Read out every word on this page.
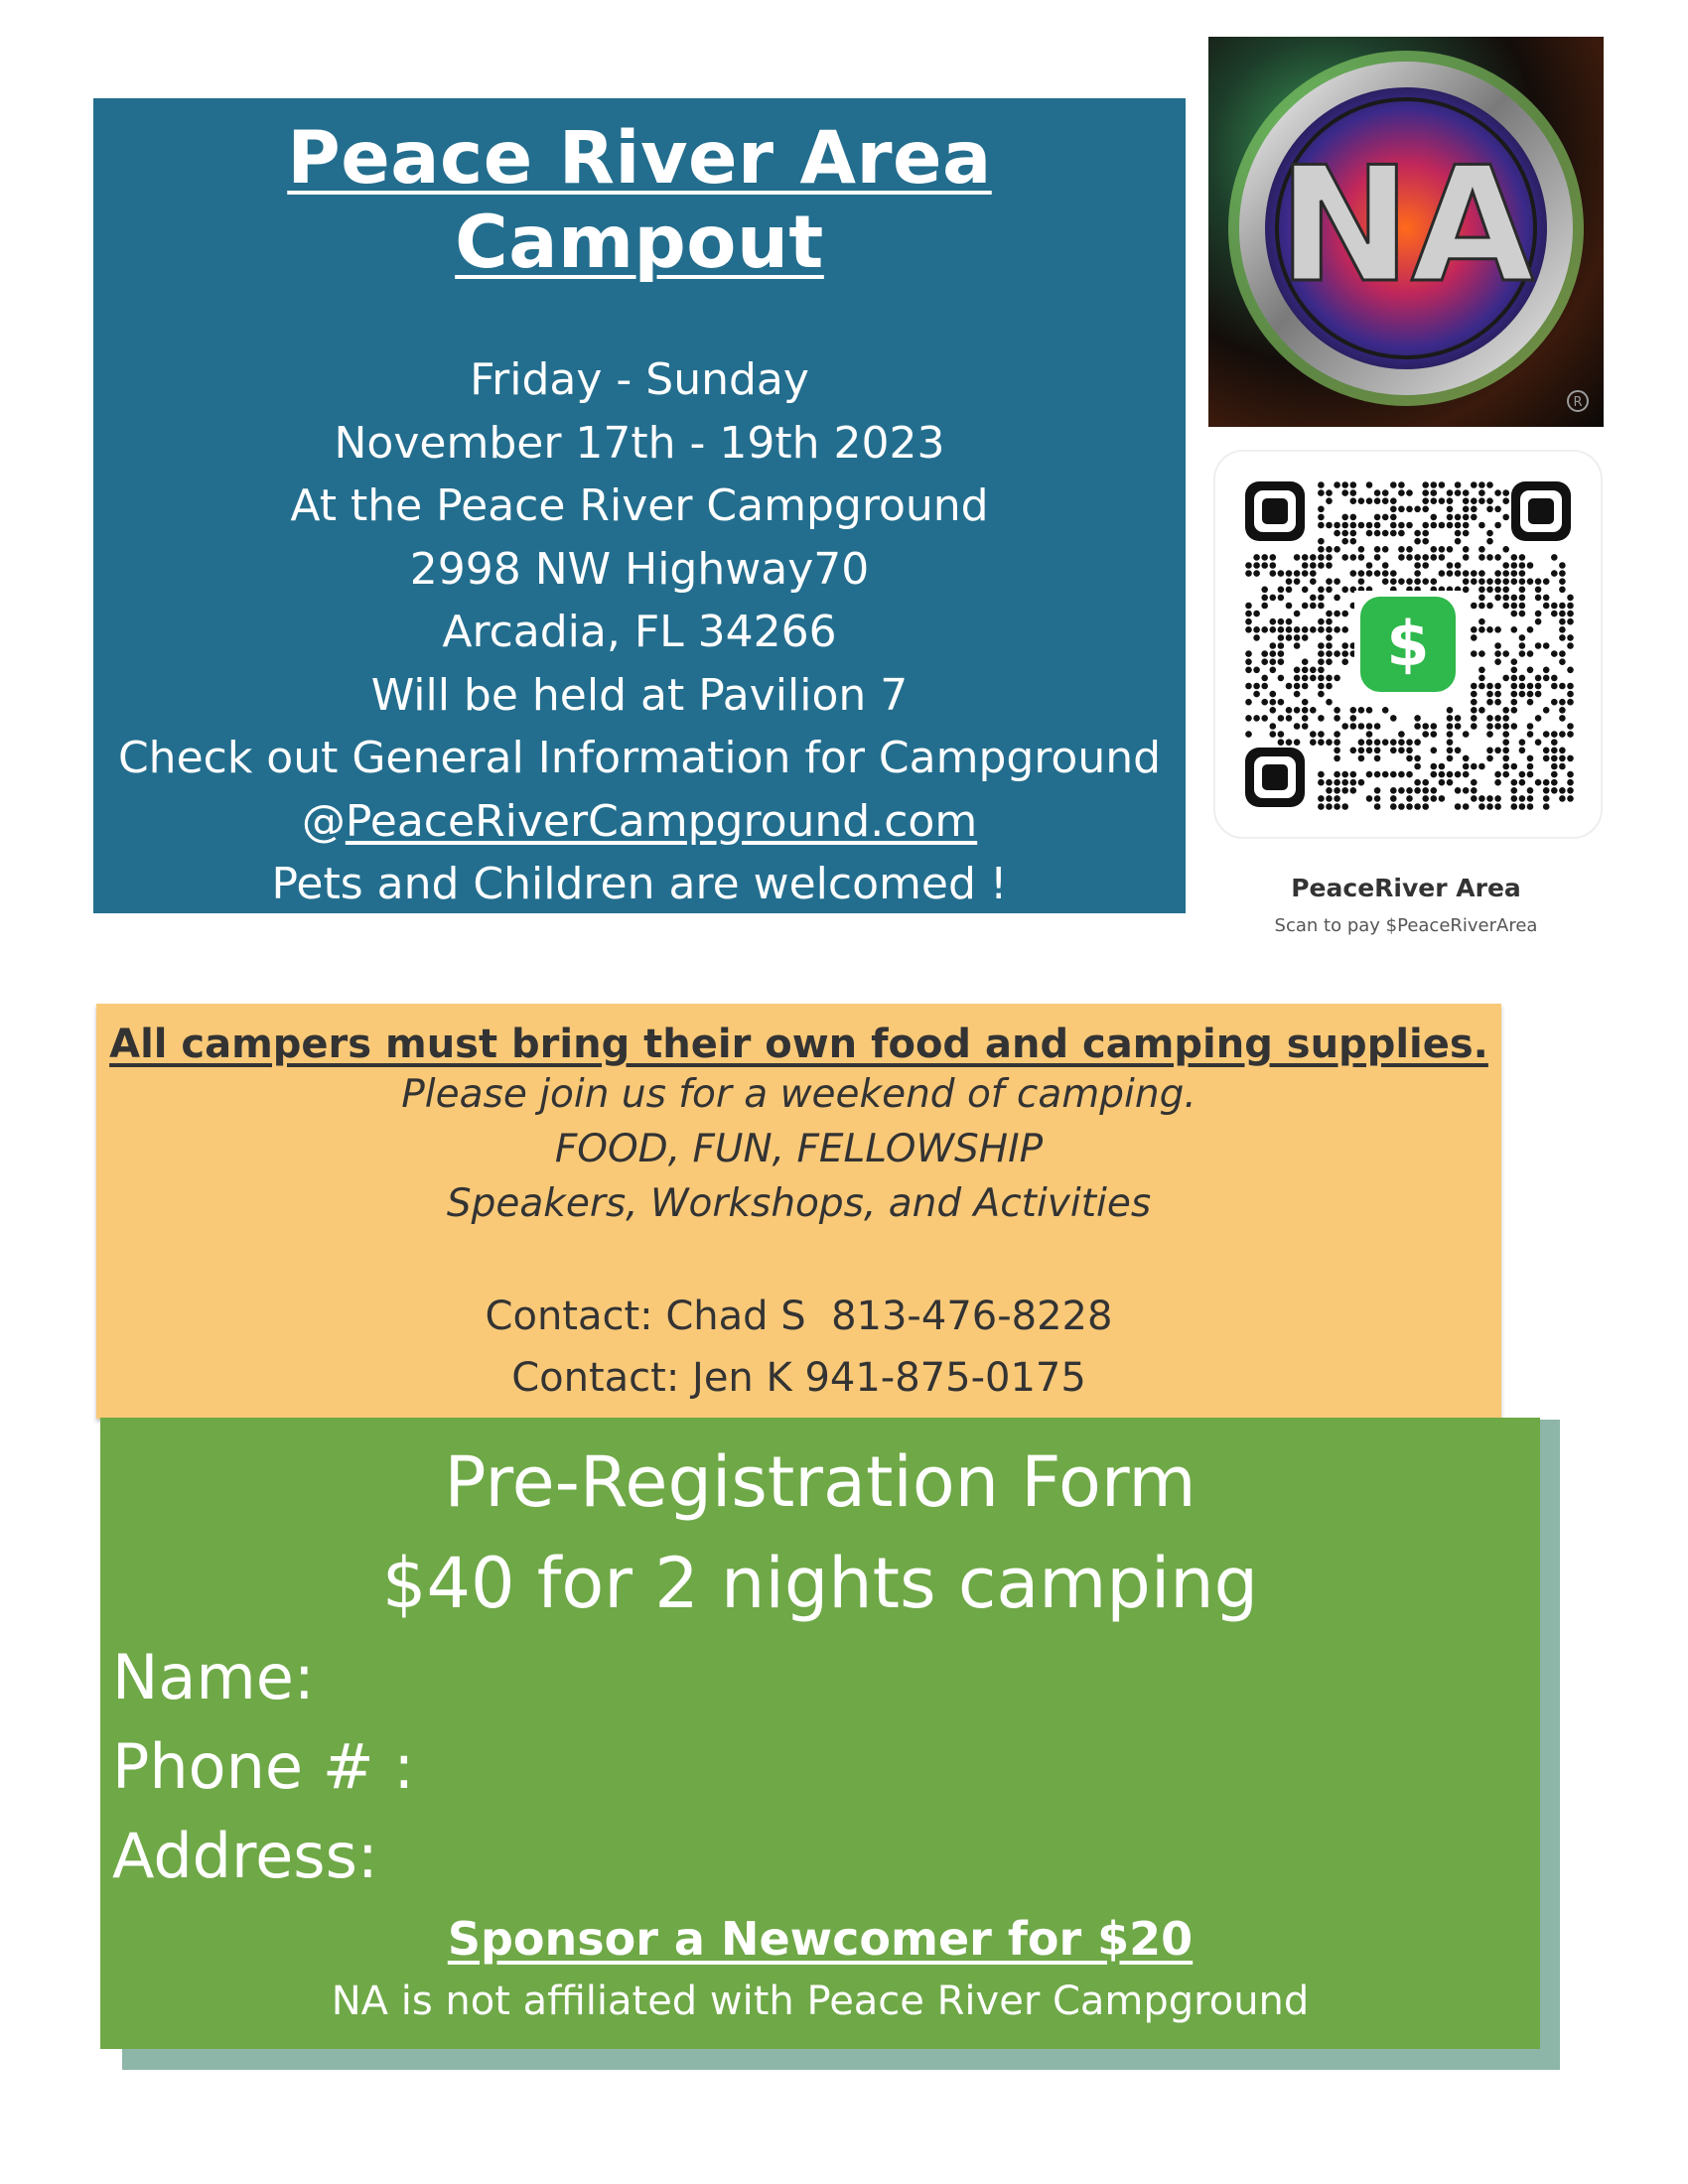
Peace River Area Campout
Friday - Sunday
November 17th - 19th 2023
At the Peace River Campground
2998 NW Highway70
Arcadia, FL 34266
Will be held at Pavilion 7
Check out General Information for Campground
@PeaceRiverCampground.com
Pets and Children are welcomed !
NA
R
$
PeaceRiver Area
Scan to pay $PeaceRiverArea
All campers must bring their own food and camping supplies.
Please join us for a weekend of camping.
FOOD, FUN, FELLOWSHIP
Speakers, Workshops, and Activities
Contact: Chad S  813-476-8228
Contact: Jen K 941-875-0175
Pre-Registration Form
$40 for 2 nights camping
Name:
Phone # :
Address:
Sponsor a Newcomer for $20
NA is not affiliated with Peace River Campground
